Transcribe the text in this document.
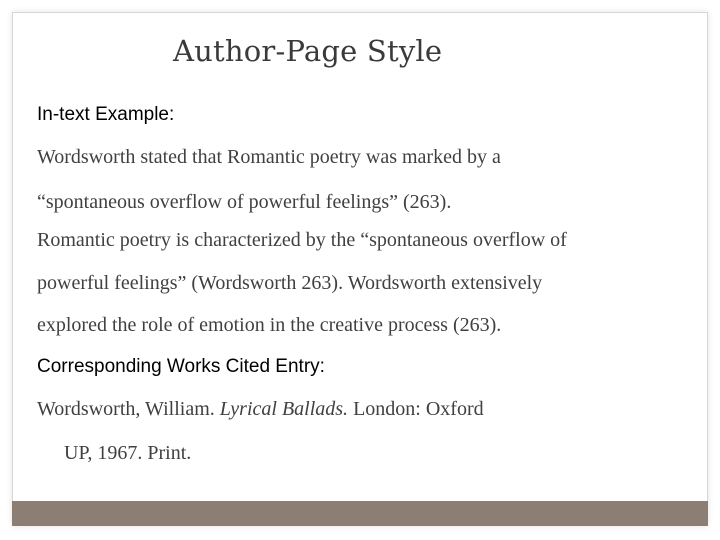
Author-Page Style
In-text Example:
Wordsworth stated that Romantic poetry was marked by a
“spontaneous overflow of powerful feelings” (263).
Romantic poetry is characterized by the “spontaneous overflow of
powerful feelings” (Wordsworth 263). Wordsworth extensively
explored the role of emotion in the creative process (263).
Corresponding Works Cited Entry:
Wordsworth, William. Lyrical Ballads. London: Oxford
UP, 1967. Print.
